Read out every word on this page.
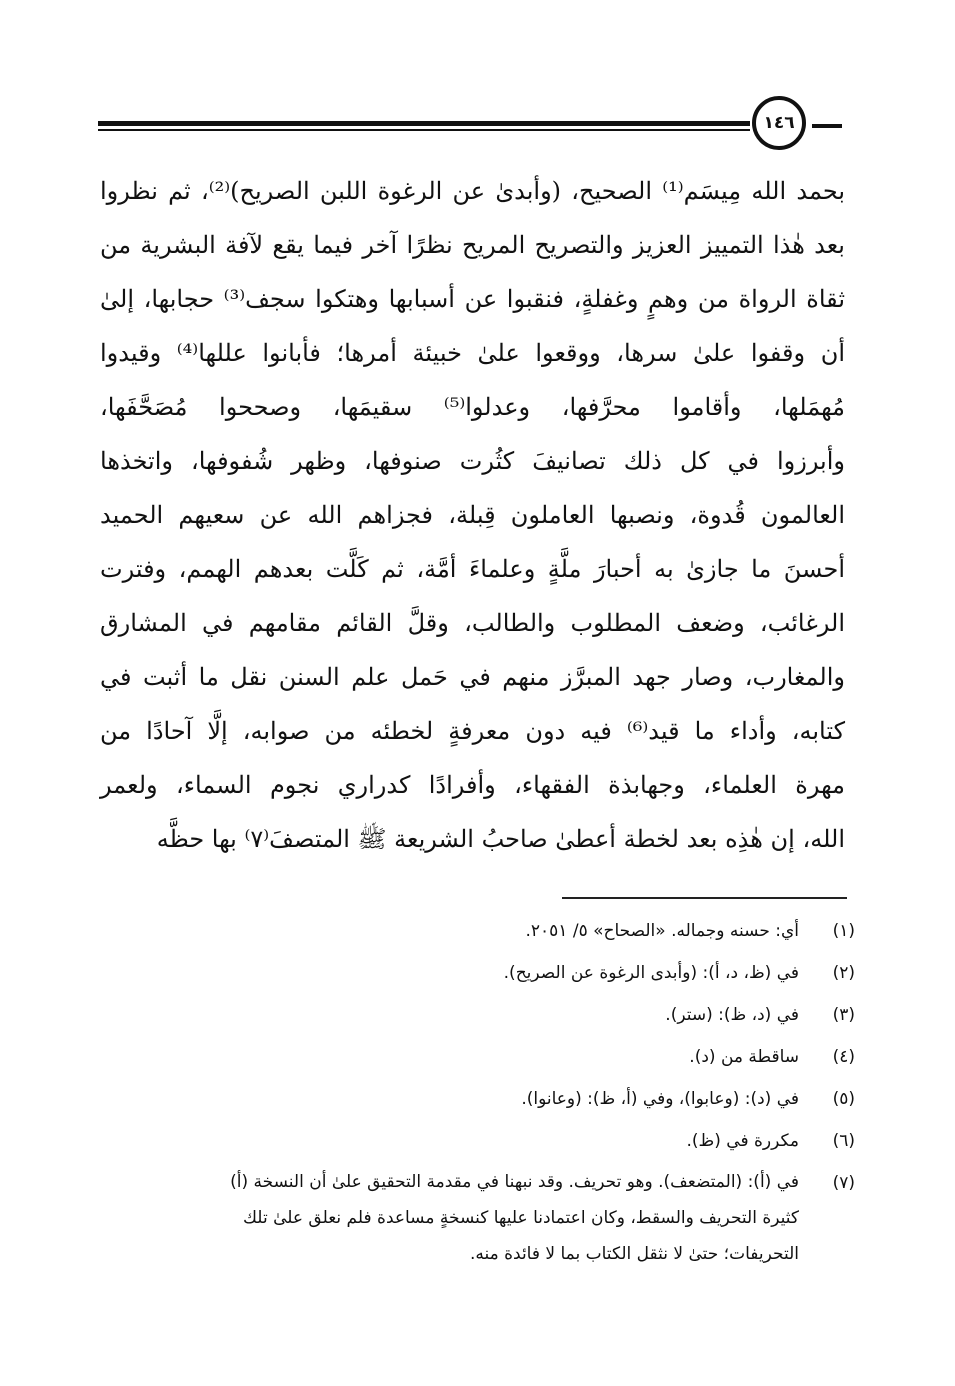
١٤٦
بحمد الله مِيسَم⁽¹⁾ الصحيح، (وأبدىٰ عن الرغوة اللبن الصريح)⁽²⁾، ثم نظروا
بعد هٰذا التمييز العزيز والتصريح المريح نظرًا آخر فيما يقع لآفة البشرية من
ثقاة الرواة من وهمٍ وغفلةٍ، فنقبوا عن أسبابها وهتكوا سجف⁽³⁾ حجابها، إلىٰ
أن وقفوا علىٰ سرها، ووقعوا علىٰ خبيئة أمرها؛ فأبانوا عللها⁽⁴⁾ وقيدوا
مُهمَلها، وأقاموا محرَّفها، وعدلوا⁽⁵⁾ سقيمَها، وصححوا مُصَحَّفَها،
وأبرزوا في كل ذلك تصانيفَ كثُرت صنوفها، وظهر شُفوفها، واتخذها
العالمون قُدوة، ونصبها العاملون قِبلة، فجزاهم الله عن سعيهم الحميد
أحسنَ ما جازىٰ به أحبارَ ملَّةٍ وعلماءَ أمَّة، ثم كَلَّت بعدهم الهمم، وفترت
الرغائب، وضعف المطلوب والطالب، وقلَّ القائم مقامهم في المشارق
والمغارب، وصار جهد المبرَّز منهم في حَمل علم السنن نقل ما أثبت في
كتابه، وأداء ما قيد⁽⁶⁾ فيه دون معرفةٍ لخطئه من صوابه، إلَّا آحادًا من
مهرة العلماء، وجهابذة الفقهاء، وأفرادًا كدراري نجوم السماء، ولعمر
الله، إن هٰذِه بعد لخطة أعطىٰ صاحبُ الشريعة ﷺ المتصفَ⁽٧⁾ بها حظَّه
(١)
أي: حسنه وجماله. «الصحاح» ٥/ ٢٠٥١.
(٢)
في (ظ، د، أ): (وأبدى الرغوة عن الصريح).
(٣)
في (د، ظ): (ستر).
(٤)
ساقطة من (د).
(٥)
في (د): (وعابوا)، وفي (أ، ظ): (وعانوا).
(٦)
مكررة في (ظ).
(٧)
في (أ): (المتضعف). وهو تحريف. وقد نبهنا في مقدمة التحقيق علىٰ أن النسخة (أ)
كثيرة التحريف والسقط، وكان اعتمادنا عليها كنسخةٍ مساعدة فلم نعلق علىٰ تلك
التحريفات؛ حتىٰ لا نثقل الكتاب بما لا فائدة منه.
